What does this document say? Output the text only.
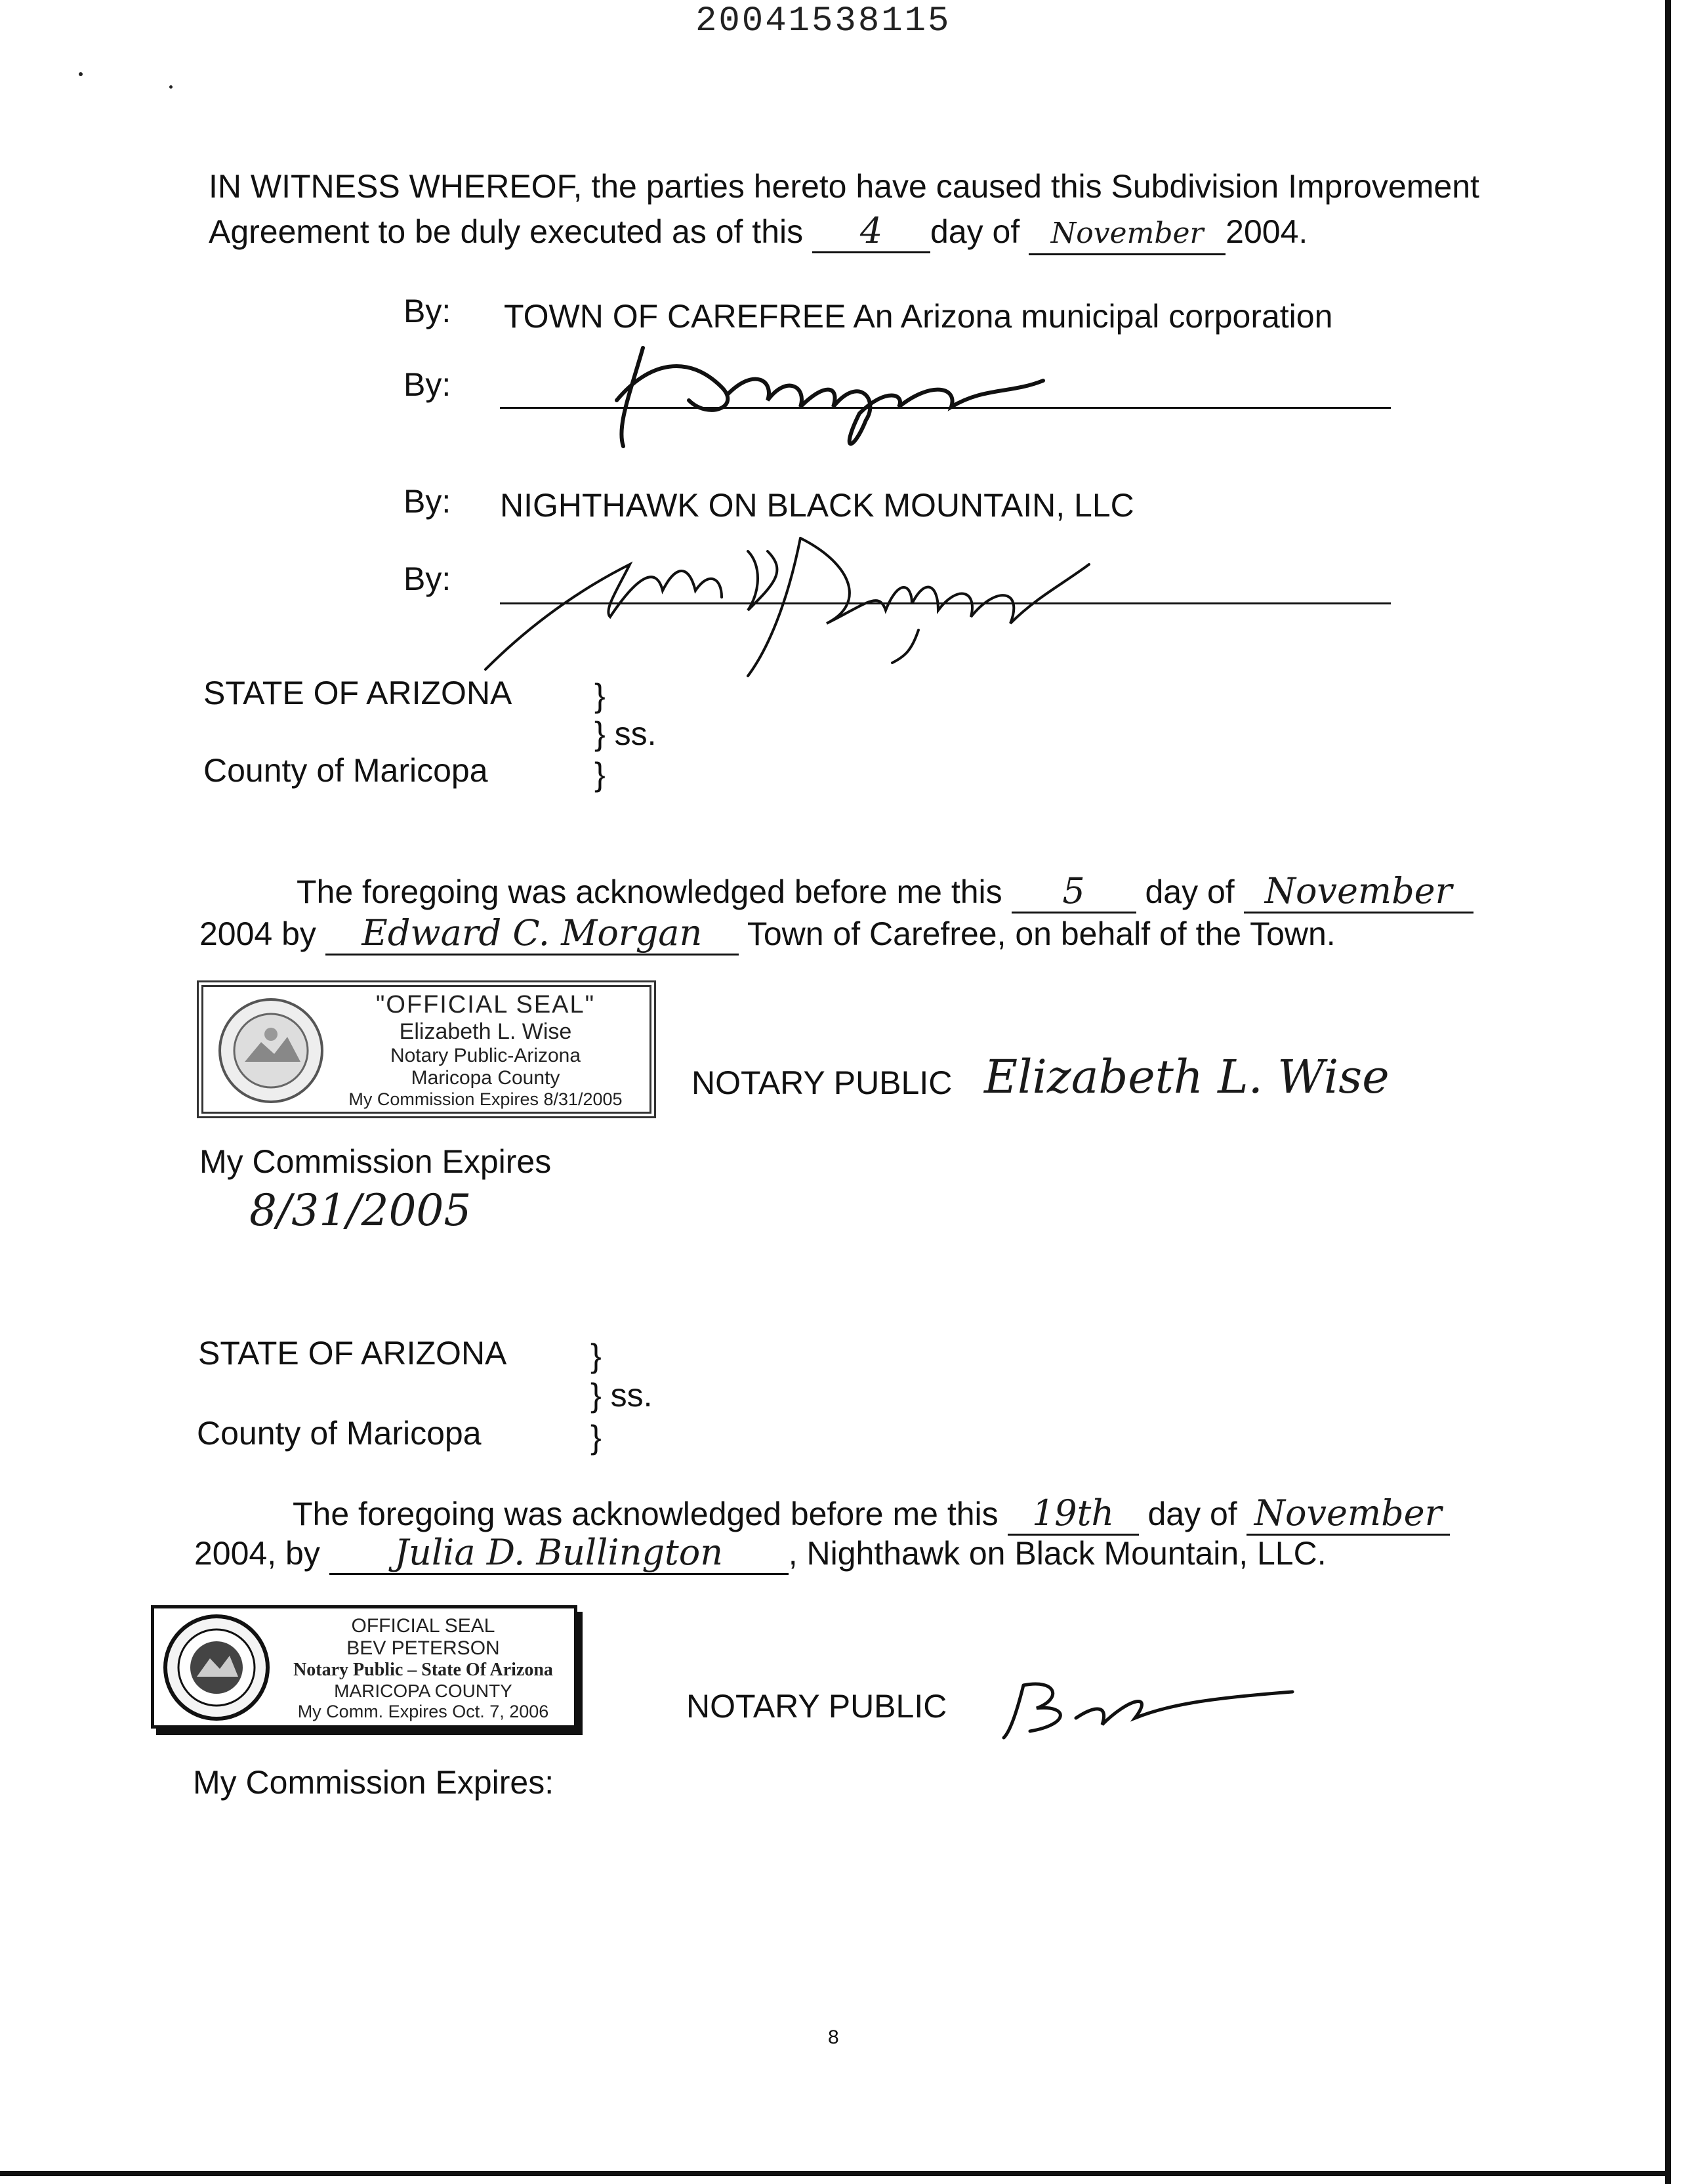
20041538115
IN WITNESS WHEREOF, the parties hereto have caused this Subdivision Improvement
Agreement to be duly executed as of this 4 day of November 2004.
By: TOWN OF CAREFREE An Arizona municipal corporation
By:
By: NIGHTHAWK ON BLACK MOUNTAIN, LLC
By:
STATE OF ARIZONA	}
} ss.
County of Maricopa	}
The foregoing was acknowledged before me this 5 day of November
2004 by Edward C. Morgan Town of Carefree, on behalf of the Town.
"OFFICIAL SEAL"
Elizabeth L. Wise
Notary Public-Arizona
Maricopa County
My Commission Expires 8/31/2005	NOTARY PUBLIC Elizabeth L. Wise
My Commission Expires
8/31/2005
STATE OF ARIZONA	}
} ss.
County of Maricopa	}
The foregoing was acknowledged before me this 19th day of November
2004, by Julia D. Bullington , Nighthawk on Black Mountain, LLC.
OFFICIAL SEAL
BEV PETERSON
Notary Public – State Of Arizona
MARICOPA COUNTY
My Comm. Expires Oct. 7, 2006	NOTARY PUBLIC
My Commission Expires:
8
